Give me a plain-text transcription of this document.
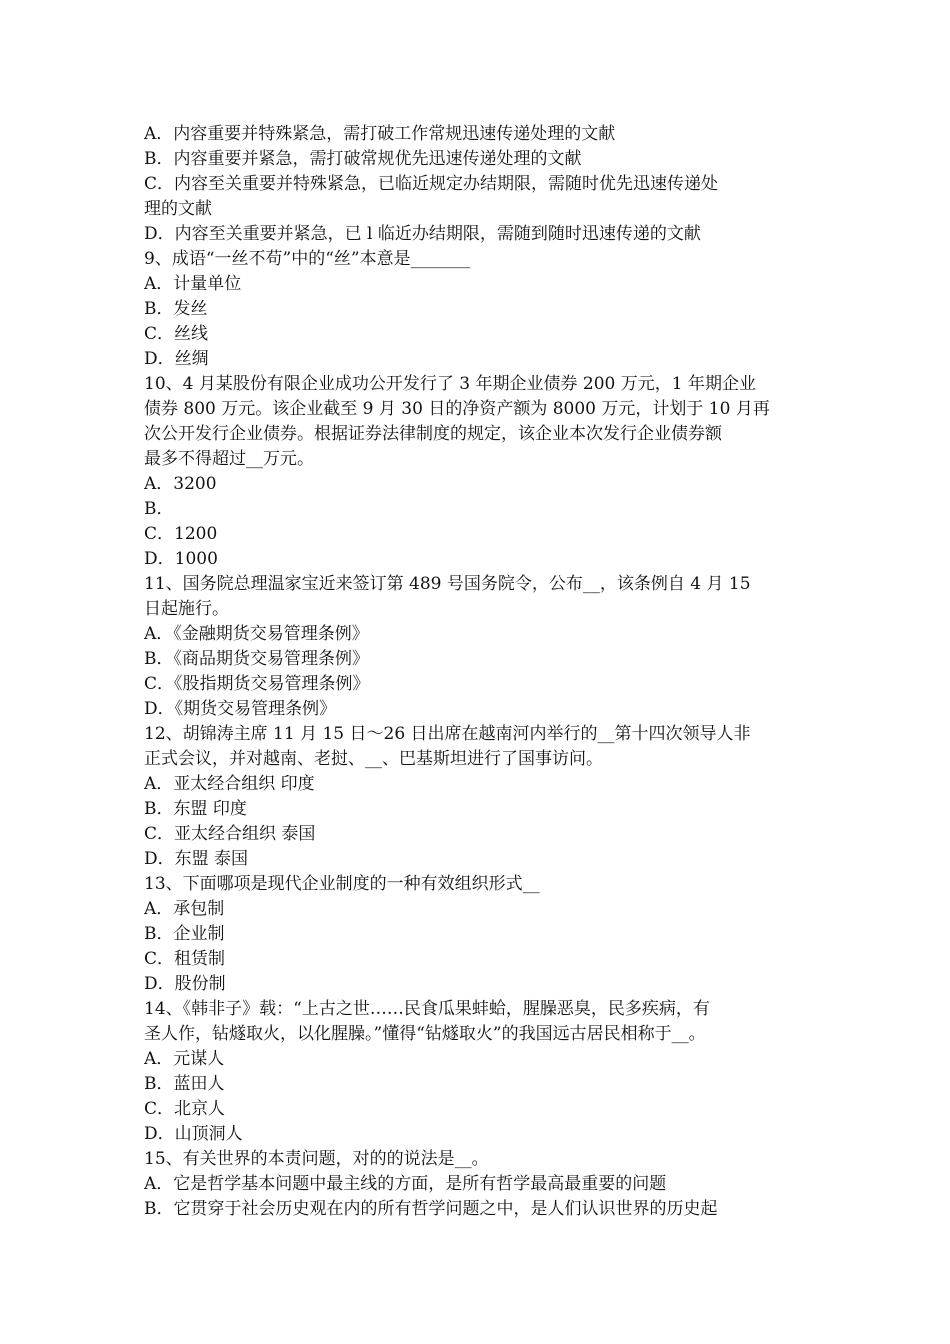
A．内容重要并特殊紧急，需打破工作常规迅速传递处理的文献
B．内容重要并紧急，需打破常规优先迅速传递处理的文献
C．内容至关重要并特殊紧急，已临近规定办结期限，需随时优先迅速传递处
理的文献
D．内容至关重要并紧急，已 l 临近办结期限，需随到随时迅速传递的文献
9、成语“一丝不苟”中的“丝”本意是_______
A．计量单位
B．发丝
C．丝线
D．丝绸
10、4 月某股份有限企业成功公开发行了 3 年期企业债券 200 万元，1 年期企业
债券 800 万元。该企业截至 9 月 30 日的净资产额为 8000 万元，计划于 10 月再
次公开发行企业债券。根据证券法律制度的规定，该企业本次发行企业债券额
最多不得超过__万元。
A．3200
B．
C．1200
D．1000
11、国务院总理温家宝近来签订第 489 号国务院令，公布__，该条例自 4 月 15
日起施行。
A．《金融期货交易管理条例》
B．《商品期货交易管理条例》
C．《股指期货交易管理条例》
D．《期货交易管理条例》
12、胡锦涛主席 11 月 15 日～26 日出席在越南河内举行的__第十四次领导人非
正式会议，并对越南、老挝、__、巴基斯坦进行了国事访问。
A．亚太经合组织 印度
B．东盟 印度
C．亚太经合组织 泰国
D．东盟 泰国
13、下面哪项是现代企业制度的一种有效组织形式__
A．承包制
B．企业制
C．租赁制
D．股份制
14、《韩非子》载：“上古之世……民食瓜果蚌蛤，腥臊恶臭，民多疾病，有
圣人作，钻燧取火，以化腥臊。”懂得“钻燧取火”的我国远古居民相称于__。
A．元谋人
B．蓝田人
C．北京人
D．山顶洞人
15、有关世界的本责问题，对的的说法是__。
A．它是哲学基本问题中最主线的方面，是所有哲学最高最重要的问题
B．它贯穿于社会历史观在内的所有哲学问题之中，是人们认识世界的历史起
